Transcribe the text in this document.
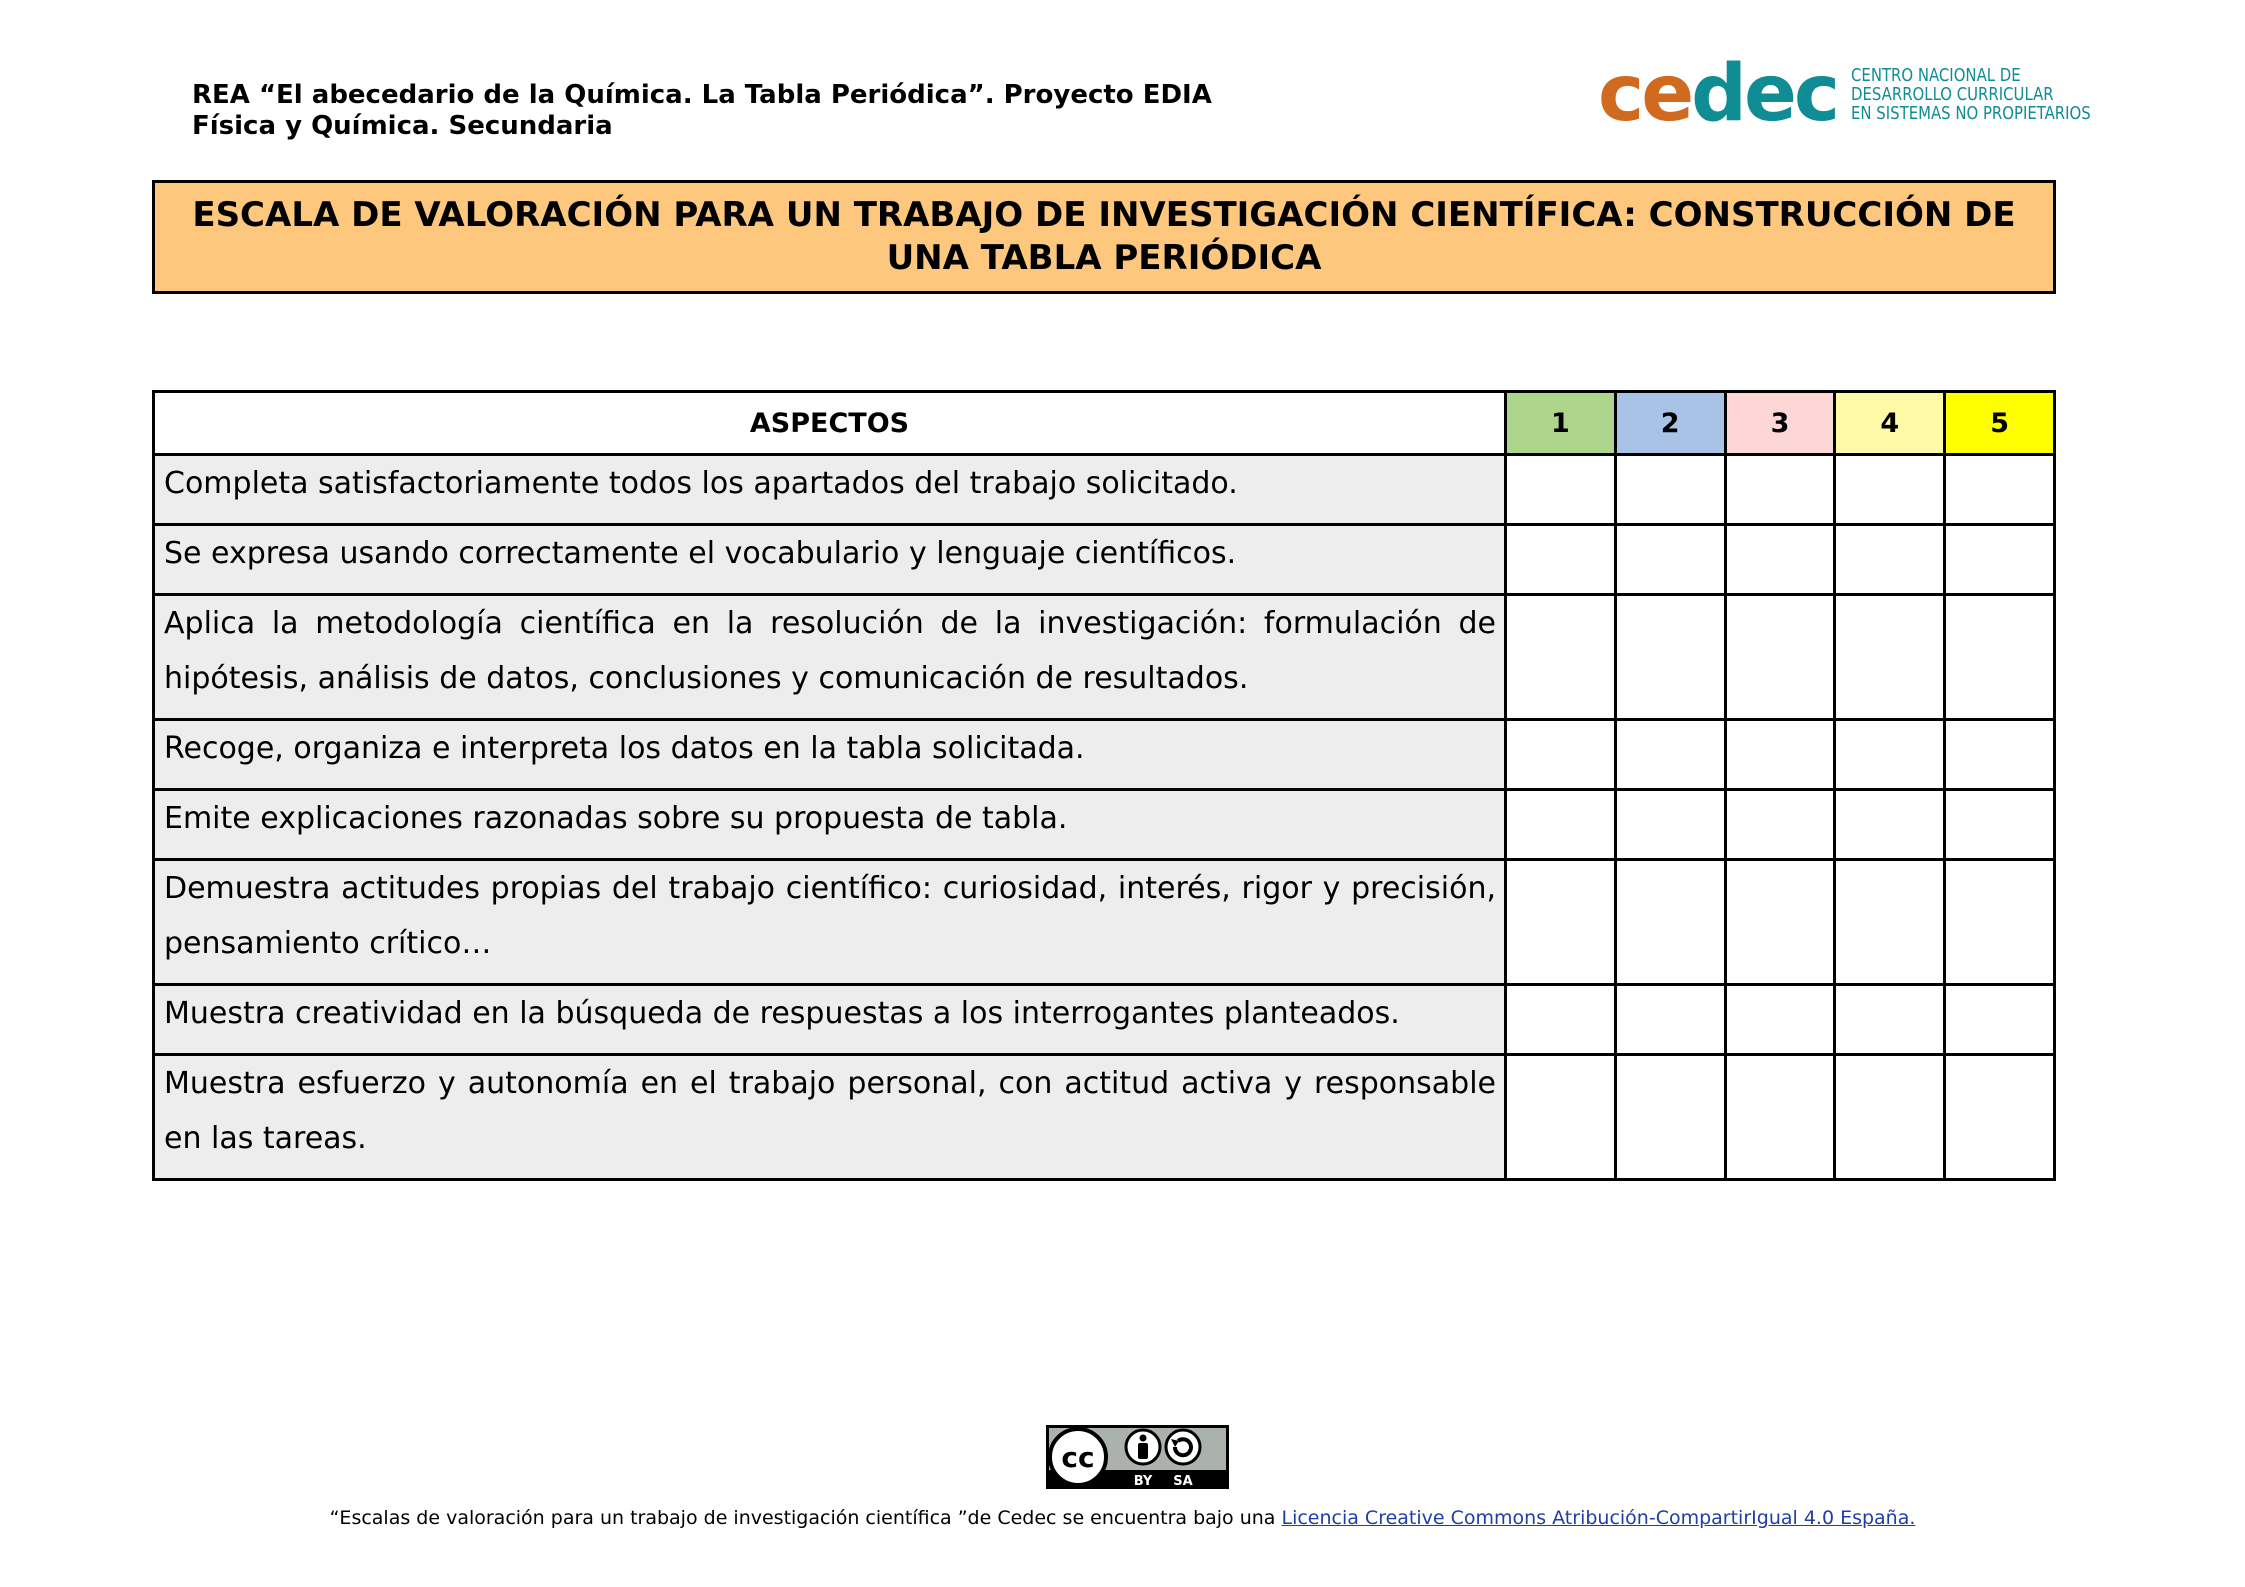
REA “El abecedario de la Química. La Tabla Periódica”. Proyecto EDIA
Física y Química. Secundaria	cedec CENTRO NACIONAL DE
DESARROLLO CURRICULAR
EN SISTEMAS NO PROPIETARIOS
ESCALA DE VALORACIÓN PARA UN TRABAJO DE INVESTIGACIÓN CIENTÍFICA: CONSTRUCCIÓN DE UNA TABLA PERIÓDICA
ASPECTOS	1	2	3	4	5
Completa satisfactoriamente todos los apartados del trabajo solicitado.					
Se expresa usando correctamente el vocabulario y lenguaje científicos.					
Aplica la metodología científica en la resolución de la investigación: formulación de hipótesis, análisis de datos, conclusiones y comunicación de resultados.					
Recoge, organiza e interpreta los datos en la tabla solicitada.					
Emite explicaciones razonadas sobre su propuesta de tabla.					
Demuestra actitudes propias del trabajo científico: curiosidad, interés, rigor y precisión, pensamiento crítico…					
Muestra creatividad en la búsqueda de respuestas a los interrogantes planteados.					
Muestra esfuerzo y autonomía en el trabajo personal, con actitud activa y responsable en las tareas.					
cc
BY SA
“Escalas de valoración para un trabajo de investigación científica ”de Cedec se encuentra bajo una Licencia Creative Commons Atribución-CompartirIgual 4.0 España.
